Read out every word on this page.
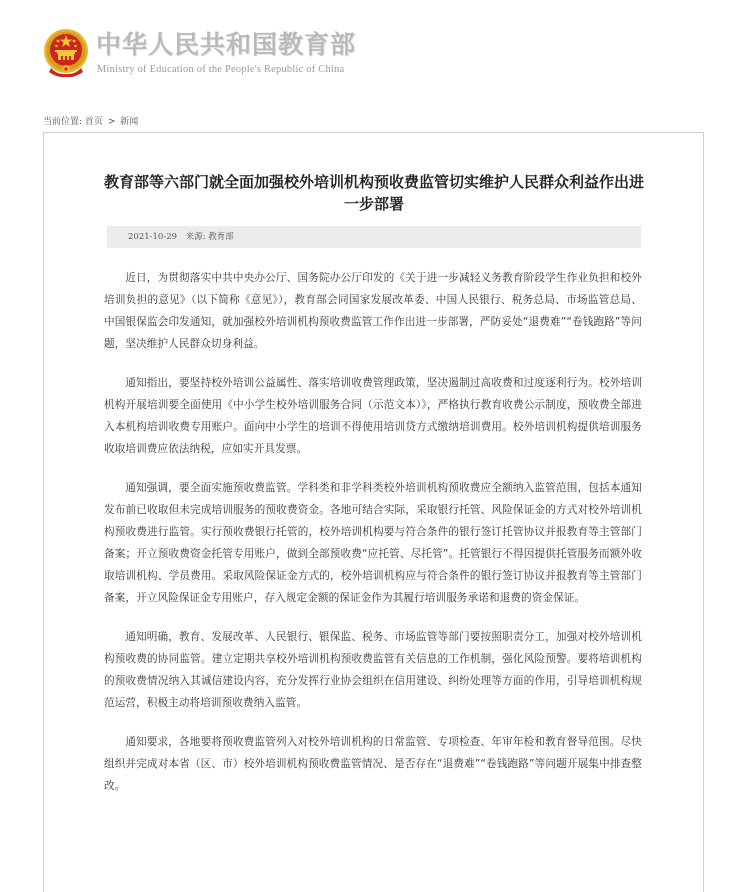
中华人民共和国教育部
Ministry of Education of the People's Republic of China
当前位置: 首页 > 新闻
教育部等六部门就全面加强校外培训机构预收费监管切实维护人民群众利益作出进一步部署
2021-10-29 来源: 教育部

近日，为贯彻落实中共中央办公厅、国务院办公厅印发的《关于进一步减轻义务教育阶段学生作业负担和校外培训负担的意见》（以下简称《意见》），教育部会同国家发展改革委、中国人民银行、税务总局、市场监管总局、中国银保监会印发通知，就加强校外培训机构预收费监管工作作出进一步部署，严防妥处“退费难”“卷钱跑路”等问题，坚决维护人民群众切身利益。

通知指出，要坚持校外培训公益属性、落实培训收费管理政策，坚决遏制过高收费和过度逐利行为。校外培训机构开展培训要全面使用《中小学生校外培训服务合同（示范文本）》，严格执行教育收费公示制度，预收费全部进入本机构培训收费专用账户。面向中小学生的培训不得使用培训贷方式缴纳培训费用。校外培训机构提供培训服务收取培训费应依法纳税，应如实开具发票。

通知强调，要全面实施预收费监管。学科类和非学科类校外培训机构预收费应全额纳入监管范围，包括本通知发布前已收取但未完成培训服务的预收费资金。各地可结合实际，采取银行托管、风险保证金的方式对校外培训机构预收费进行监管。实行预收费银行托管的，校外培训机构要与符合条件的银行签订托管协议并报教育等主管部门备案；开立预收费资金托管专用账户，做到全部预收费“应托管、尽托管”。托管银行不得因提供托管服务而额外收取培训机构、学员费用。采取风险保证金方式的，校外培训机构应与符合条件的银行签订协议并报教育等主管部门备案，开立风险保证金专用账户，存入规定金额的保证金作为其履行培训服务承诺和退费的资金保证。

通知明确，教育、发展改革、人民银行、银保监、税务、市场监管等部门要按照职责分工，加强对校外培训机构预收费的协同监管。建立定期共享校外培训机构预收费监管有关信息的工作机制，强化风险预警。要将培训机构的预收费情况纳入其诚信建设内容，充分发挥行业协会组织在信用建设、纠纷处理等方面的作用，引导培训机构规范运营，积极主动将培训预收费纳入监管。

通知要求，各地要将预收费监管列入对校外培训机构的日常监管、专项检查、年审年检和教育督导范围。尽快组织并完成对本省（区、市）校外培训机构预收费监管情况、是否存在“退费难”“卷钱跑路”等问题开展集中排查整改。
